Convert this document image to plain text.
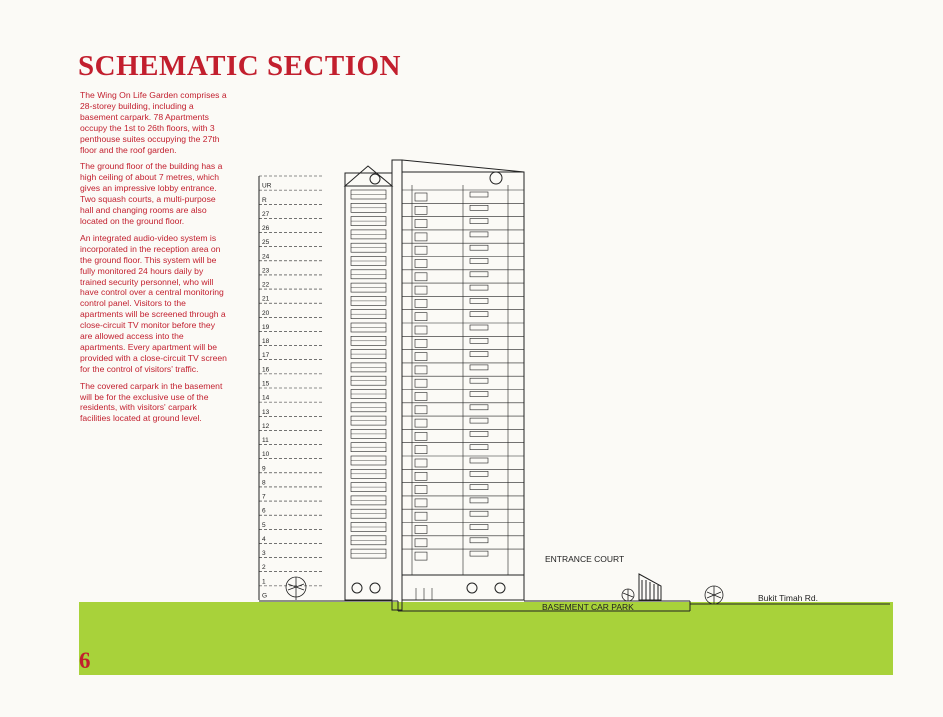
SCHEMATIC SECTION

The Wing On Life Garden comprises a 28-storey building, including a basement carpark. 78 Apartments occupy the 1st to 26th floors, with 3 penthouse suites occupying the 27th floor and the roof garden.

The ground floor of the building has a high ceiling of about 7 metres, which gives an impressive lobby entrance. Two squash courts, a multi-purpose hall and changing rooms are also located on the ground floor.

An integrated audio-video system is incorporated in the reception area on the ground floor. This system will be fully monitored 24 hours daily by trained security personnel, who will have control over a central monitoring control panel. Visitors to the apartments will be screened through a close-circuit TV monitor before they are allowed access into the apartments. Every apartment will be provided with a close-circuit TV screen for the control of visitors' traffic.

The covered carpark in the basement will be for the exclusive use of the residents, with visitors' carpark facilities located at ground level.

UR
R
27
26
25
24
23
22
21
20
19
18
17
16
15
14
13
12
11
10
9
8
7
6
5
4
3
2
1
G
ENTRANCE COURT
BASEMENT CAR PARK
Bukit Timah Rd.
6
